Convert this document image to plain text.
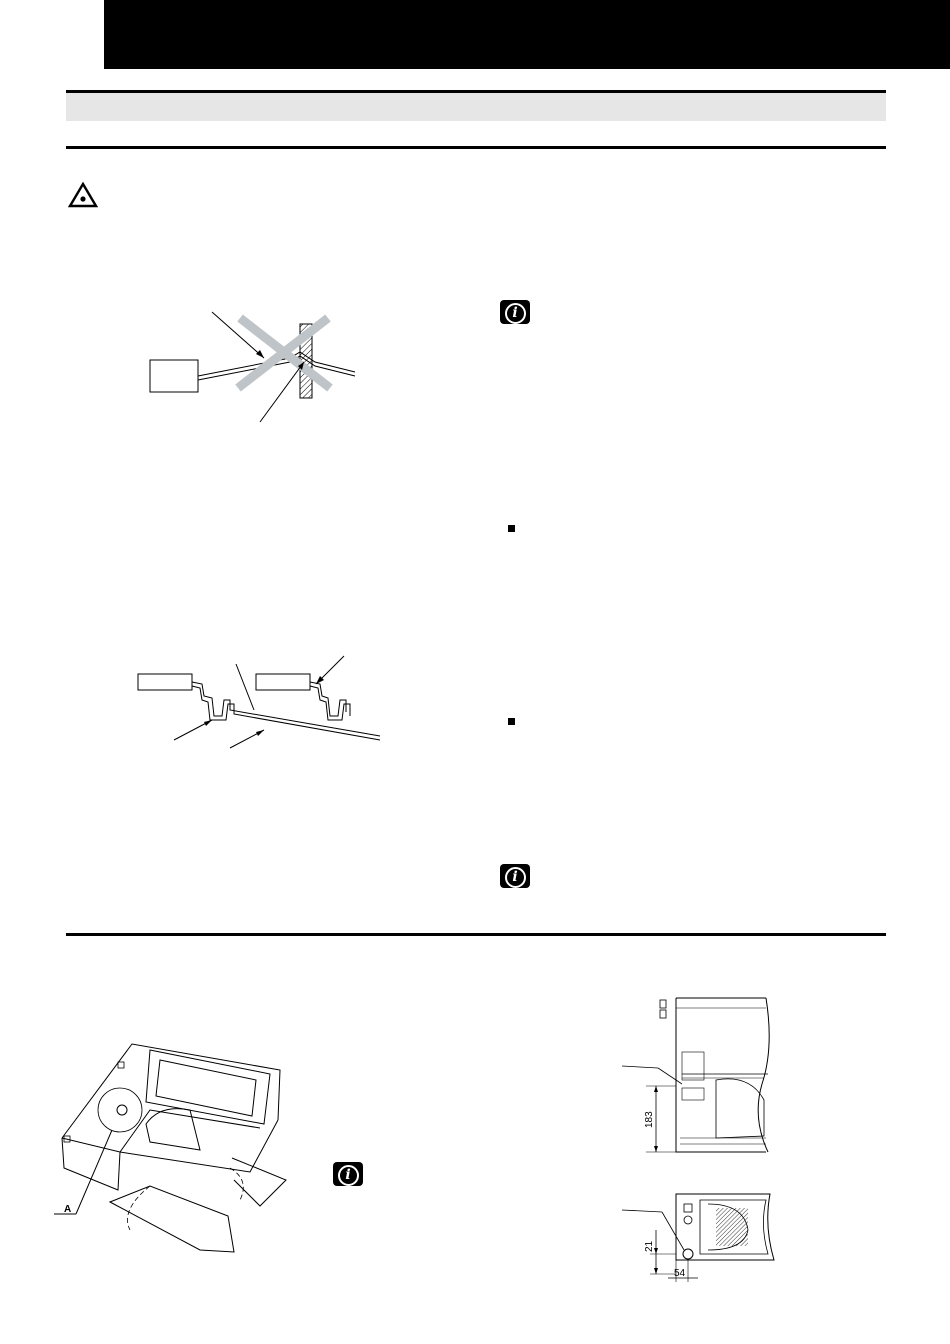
i
i
i
A
183
21
54
